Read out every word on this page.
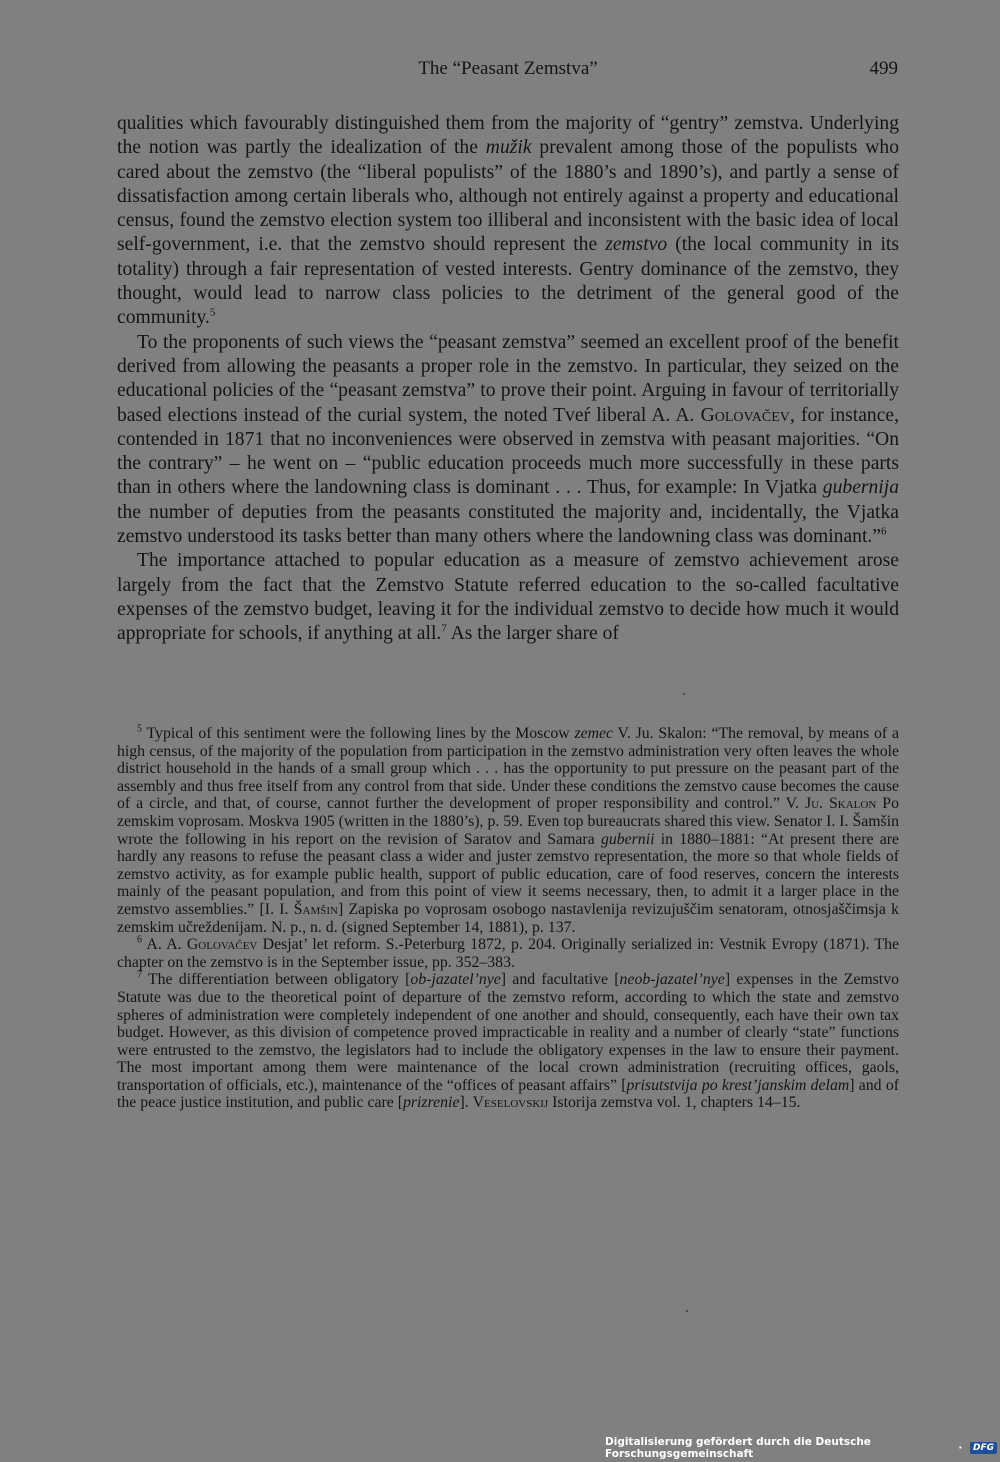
The “Peasant Zemstva”	499

qualities which favourably distinguished them from the majority of “gentry” zemstva. Underlying the notion was partly the idealization of the mužik prevalent among those of the populists who cared about the zemstvo (the “liberal populists” of the 1880’s and 1890’s), and partly a sense of dissatisfaction among certain liberals who, although not entirely against a property and educational census, found the zemstvo election system too illiberal and inconsistent with the basic idea of local self-government, i.e. that the zemstvo should represent the zemstvo (the local community in its totality) through a fair representation of vested interests. Gentry dominance of the zemstvo, they thought, would lead to narrow class policies to the detriment of the general good of the community.$^5$

To the proponents of such views the “peasant zemstva” seemed an excellent proof of the benefit derived from allowing the peasants a proper role in the zemstvo. In particular, they seized on the educational policies of the “peasant zemstva” to prove their point. Arguing in favour of territorially based elections instead of the curial system, the noted Tveŕ liberal A. A. Golovačev, for instance, contended in 1871 that no inconveniences were observed in zemstva with peasant majorities. “On the contrary” – he went on – “public education proceeds much more successfully in these parts than in others where the landowning class is dominant . . . Thus, for example: In Vjatka gubernija the number of deputies from the peasants constituted the majority and, incidentally, the Vjatka zemstvo understood its tasks better than many others where the landowning class was dominant.”$^6$

The importance attached to popular education as a measure of zemstvo achievement arose largely from the fact that the Zemstvo Statute referred education to the so-called facultative expenses of the zemstvo budget, leaving it for the individual zemstvo to decide how much it would appropriate for schools, if anything at all.$^7$ As the larger share of

$^5$ Typical of this sentiment were the following lines by the Moscow zemec V. Ju. Skalon: “The removal, by means of a high census, of the majority of the population from participation in the zemstvo administration very often leaves the whole district household in the hands of a small group which . . . has the opportunity to put pressure on the peasant part of the assembly and thus free itself from any control from that side. Under these conditions the zemstvo cause becomes the cause of a circle, and that, of course, cannot further the development of proper responsibility and control.” V. Ju. Skalon Po zemskim voprosam. Moskva 1905 (written in the 1880’s), p. 59. Even top bureaucrats shared this view. Senator I. I. Šamšin wrote the following in his report on the revision of Saratov and Samara gubernii in 1880–1881: “At present there are hardly any reasons to refuse the peasant class a wider and juster zemstvo representation, the more so that whole fields of zemstvo activity, as for example public health, support of public education, care of food reserves, concern the interests mainly of the peasant population, and from this point of view it seems necessary, then, to admit it a larger place in the zemstvo assemblies.” [I. I. Šamšin] Zapiska po voprosam osobogo nastavlenija revizujuščim senatoram, otnosjaščimsja k zemskim učreždenijam. N. p., n. d. (signed September 14, 1881), p. 137.

$^6$ A. A. Golovačev Desjat’ let reform. S.-Peterburg 1872, p. 204. Originally serialized in: Vestnik Evropy (1871). The chapter on the zemstvo is in the September issue, pp. 352–383.

$^7$ The differentiation between obligatory [ob-jazatel’nye] and facultative [neob-jazatel’nye] expenses in the Zemstvo Statute was due to the theoretical point of departure of the zemstvo reform, according to which the state and zemstvo spheres of administration were completely independent of one another and should, consequently, each have their own tax budget. However, as this division of competence proved impracticable in reality and a number of clearly “state” functions were entrusted to the zemstvo, the legislators had to include the obligatory expenses in the law to ensure their payment. The most important among them were maintenance of the local crown administration (recruiting offices, gaols, transportation of officials, etc.), maintenance of the “offices of peasant affairs” [prisutstvija po krest’janskim delam] and of the peace justice institution, and public care [prizrenie]. Veselovskij Istorija zemstva vol. 1, chapters 14–15.

Digitalisierung gefördert durch die Deutsche Forschungsgemeinschaft	· DFG
